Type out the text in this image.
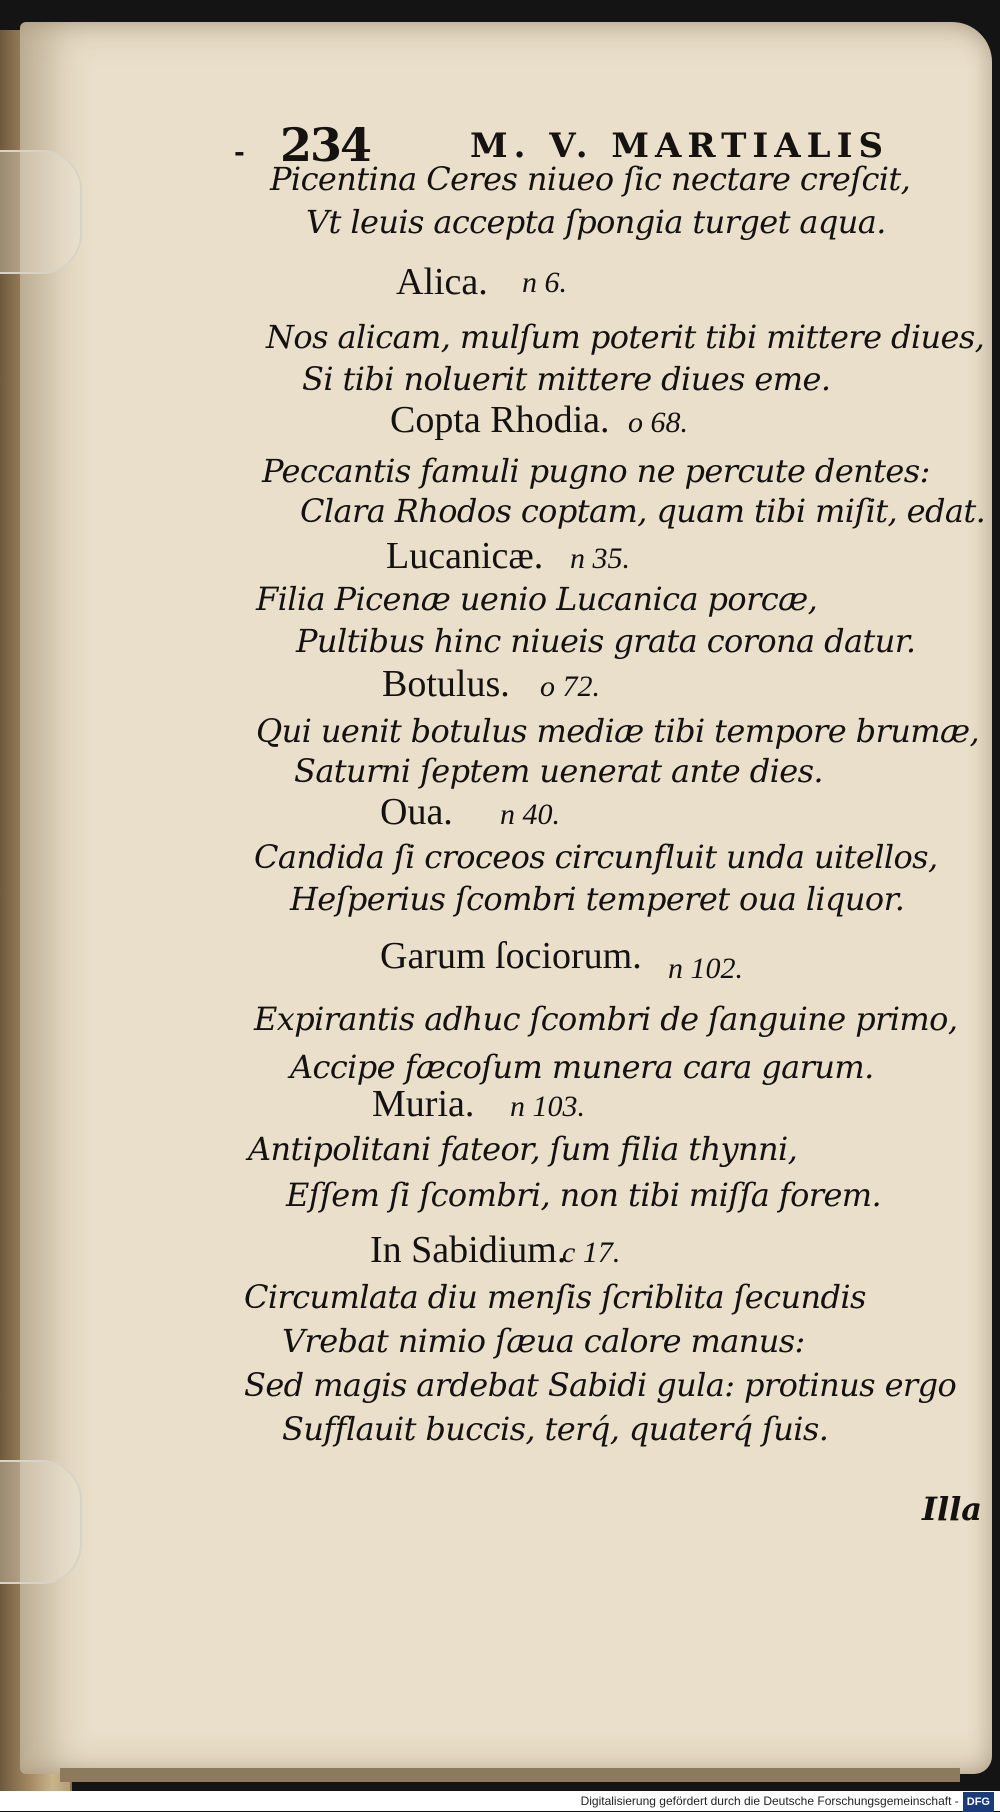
- 234	M. V. MARTIALIS
Picentina Ceres niueo ſic nectare creſcit,
Vt leuis accepta ſpongia turget aqua.
Alica. n 6.
Nos alicam, mulſum poterit tibi mittere diues,
Si tibi noluerit mittere diues eme.
Copta Rhodia. o 68.
Peccantis famuli pugno ne percute dentes:
Clara Rhodos coptam, quam tibi miſit, edat.
Lucanicæ. n 35.
Filia Picenæ uenio Lucanica porcæ,
Pultibus hinc niueis grata corona datur.
Botulus. o 72.
Qui uenit botulus mediæ tibi tempore brumæ,
Saturni ſeptem uenerat ante dies.
Oua. n 40.
Candida ſi croceos circunfluit unda uitellos,
Heſperius ſcombri temperet oua liquor.
Garum ſociorum. n 102.
Expirantis adhuc ſcombri de ſanguine primo,
Accipe fæcoſum munera cara garum.
Muria. n 103.
Antipolitani fateor, ſum filia thynni,
Eſſem ſi ſcombri, non tibi miſſa forem.
In Sabidium.
c 17.
Circumlata diu menſis ſcriblita ſecundis
Vrebat nimio ſæua calore manus:
Sed magis ardebat Sabidi gula: protinus ergo
Sufflauit buccis, terq́, quaterq́ ſuis.
Illa
Digitalisierung gefördert durch die Deutsche Forschungsgemeinschaft - DFG
